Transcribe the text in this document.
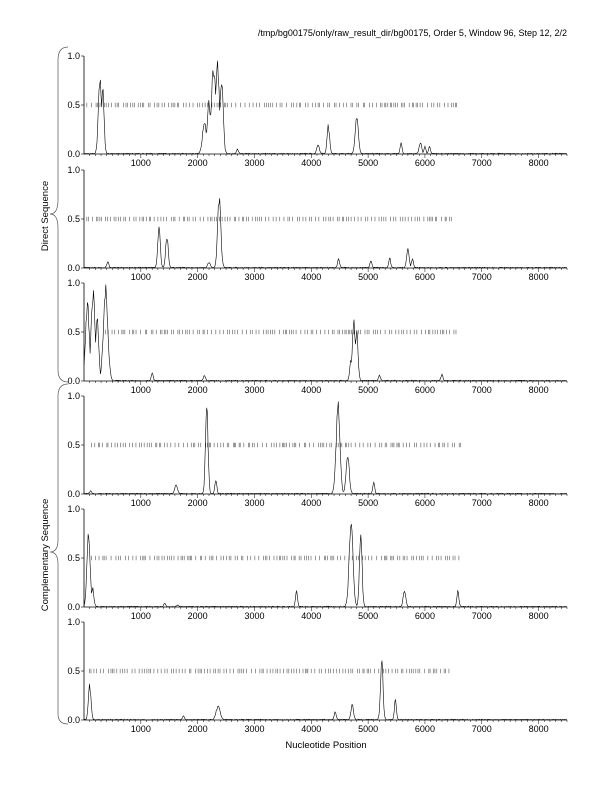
/tmp/bg00175/only/raw_result_dir/bg00175, Order 5, Window 96, Step 12, 2/2
0.0
0.5
1.0
1000	2000	3000	4000	5000	6000	7000	8000
0.0
0.5
1.0
1000	2000	3000	4000	5000	6000	7000	8000
0.0
0.5
1.0
1000	2000	3000	4000	5000	6000	7000	8000
0.0
0.5
1.0
1000	2000	3000	4000	5000	6000	7000	8000
0.0
0.5
1.0
1000	2000	3000	4000	5000	6000	7000	8000
0.0
0.5
1.0
1000	2000	3000	4000	5000	6000	7000	8000
Nucleotide Position
Direct Sequence
Complementary Sequence
